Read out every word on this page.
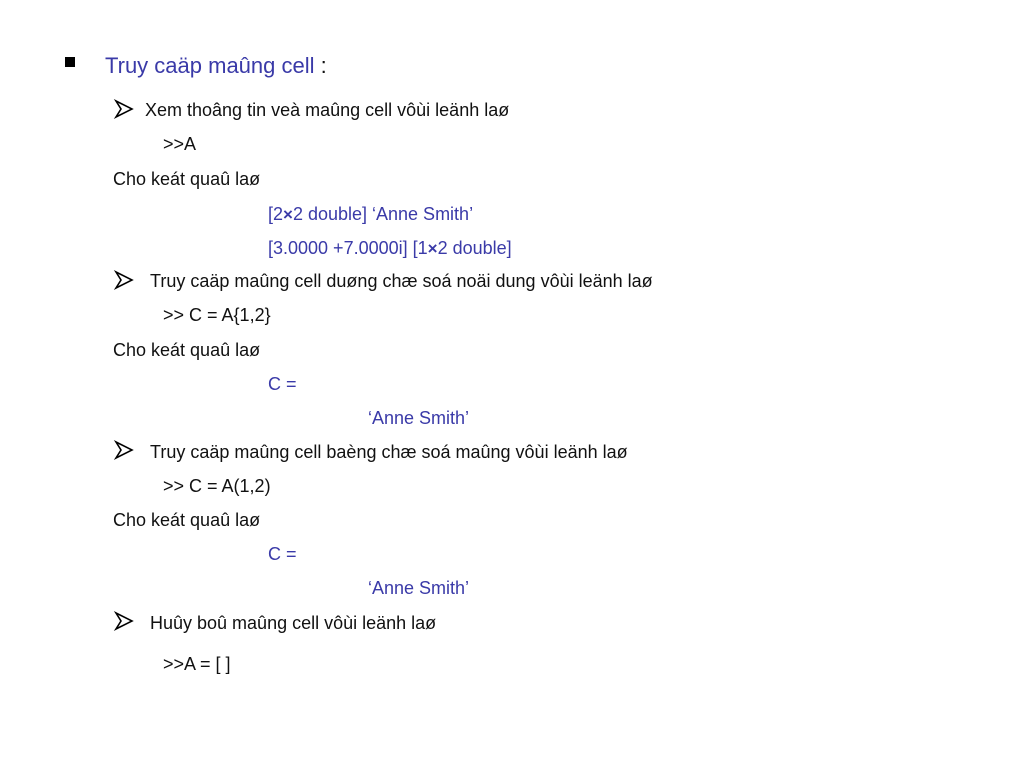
Truy caäp maûng cell :
Xem thoâng tin veà maûng cell vôùi leänh laø
>>A
Cho keát quaû laø
[2×2 double] ‘Anne Smith’
[3.0000 +7.0000i] [1×2 double]
Truy caäp maûng cell duøng chæ soá noäi dung vôùi leänh laø
>> C = A{1,2}
Cho keát quaû laø
C =
‘Anne Smith’
Truy caäp maûng cell baèng chæ soá maûng vôùi leänh laø
>> C = A(1,2)
Cho keát quaû laø
C =
‘Anne Smith’
Huûy boû maûng cell vôùi leänh laø
>>A = [ ]
